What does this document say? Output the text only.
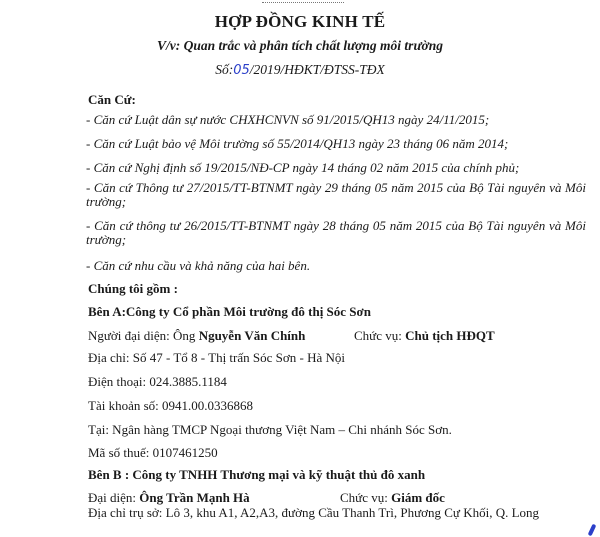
HỢP ĐỒNG KINH TẾ
V/v: Quan trắc và phân tích chất lượng môi trường
Số:05/2019/HĐKT/ĐTSS-TĐX
Căn Cứ:
- Căn cứ Luật dân sự nước CHXHCNVN số 91/2015/QH13 ngày 24/11/2015;
- Căn cứ Luật bảo vệ Môi trường số 55/2014/QH13 ngày 23 tháng 06 năm 2014;
- Căn cứ Nghị định số 19/2015/NĐ-CP ngày 14 tháng 02 năm 2015 của chính phủ;
- Căn cứ Thông tư 27/2015/TT-BTNMT ngày 29 tháng 05 năm 2015 của Bộ Tài nguyên và Môi trường;
- Căn cứ thông tư 26/2015/TT-BTNMT ngày 28 tháng 05 năm 2015 của Bộ Tài nguyên và Môi trường;
- Căn cứ nhu cầu và khả năng của hai bên.
Chúng tôi gồm :
Bên A:Công ty Cổ phần Môi trường đô thị Sóc Sơn
Người đại diện: Ông Nguyễn Văn Chính	Chức vụ: Chủ tịch HĐQT
Địa chỉ: Số 47 - Tổ 8 - Thị trấn Sóc Sơn - Hà Nội
Điện thoại: 024.3885.1184
Tài khoản số: 0941.00.0336868
Tại: Ngân hàng TMCP Ngoại thương Việt Nam – Chi nhánh Sóc Sơn.
Mã số thuế: 0107461250
Bên B : Công ty TNHH Thương mại và kỹ thuật thủ đô xanh
Đại diện: Ông Trần Mạnh Hà	Chức vụ: Giám đốc
Địa chỉ trụ sở: Lô 3, khu A1, A2,A3, đường Cầu Thanh Trì, Phương Cự Khối, Q. Long
